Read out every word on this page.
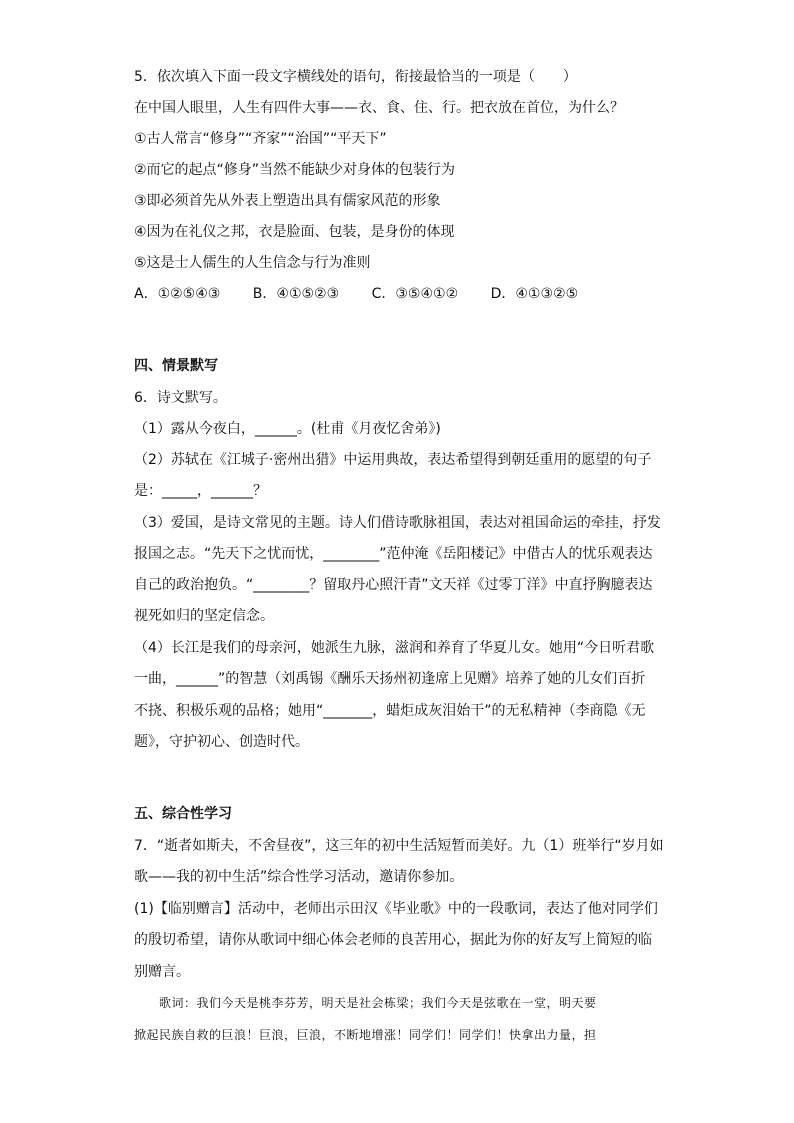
5．依次填入下面一段文字横线处的语句，衔接最恰当的一项是（　　）
在中国人眼里，人生有四件大事——衣、食、住、行。把衣放在首位，为什么？
①古人常言“修身”“齐家”“治国”“平天下”
②而它的起点“修身”当然不能缺少对身体的包装行为
③即必须首先从外表上塑造出具有儒家风范的形象
④因为在礼仪之邦，衣是脸面、包装，是身份的体现
⑤这是士人儒生的人生信念与行为准则
A．①②⑤④③ B．④①⑤②③ C．③⑤④①② D．④①③②⑤
四、情景默写
6．诗文默写。
（1）露从今夜白，______。(杜甫《月夜忆舍弟》)
（2）苏轼在《江城子·密州出猎》中运用典故，表达希望得到朝廷重用的愿望的句子
是：_____，______？
（3）爱国，是诗文常见的主题。诗人们借诗歌脉祖国，表达对祖国命运的牵挂，抒发
报国之志。“先天下之忧而忧，________”范仲淹《岳阳楼记》中借古人的忧乐观表达
自己的政治抱负。“________？留取丹心照汗青”文天祥《过零丁洋》中直抒胸臆表达
视死如归的坚定信念。
（4）长江是我们的母亲河，她派生九脉，滋润和养育了华夏儿女。她用“今日听君歌
一曲，______”的智慧（刘禹锡《酬乐天扬州初逢席上见赠》培养了她的儿女们百折
不挠、积极乐观的品格；她用“_______，蜡炬成灰泪始干”的无私精神（李商隐《无
题》，守护初心、创造时代。
五、综合性学习
7．“逝者如斯夫，不舍昼夜”，这三年的初中生活短暂而美好。九（1）班举行“岁月如
歌——我的初中生活”综合性学习活动，邀请你参加。
(1)【临别赠言】活动中，老师出示田汉《毕业歌》中的一段歌词，表达了他对同学们
的殷切希望，请你从歌词中细心体会老师的良苦用心，据此为你的好友写上简短的临
别赠言。
　　歌词：我们今天是桃李芬芳，明天是社会栋梁；我们今天是弦歌在一堂，明天要
掀起民族自救的巨浪！巨浪，巨浪，不断地增涨！同学们！同学们！快拿出力量，担
